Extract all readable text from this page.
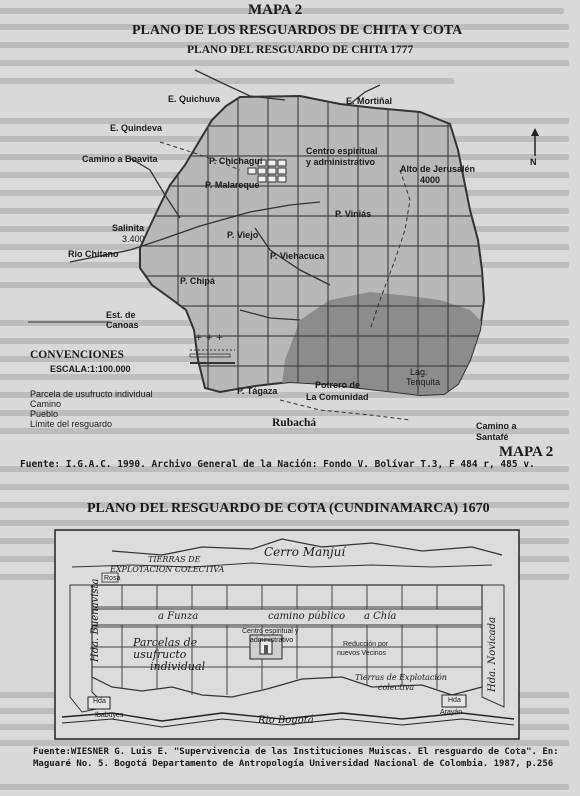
MAPA 2
PLANO DE LOS RESGUARDOS DE CHITA Y COTA
PLANO DEL RESGUARDO DE CHITA 1777
+ + +
E. Quichuva	E. Mortiñal
E. Quindeva
Camino a Boavita	P. Chichaguí
Centro espiritual
y administrativo
Alto de Jerusalén
4000
P. Malareque
P. Viniás
Salinita
3.400
Rio Chitano
P. Viejo
P. Viehacuca
P. Chipá
Est. de
Canoas
P. Tágaza
Potrero de
La Comunidad
Lag.
Tenquita
Rubachá	Camino a
Santafé
N
CONVENCIONES
ESCALA:1:100.000
Parcela de usufructo individual
Camino
Pueblo
Límite del resguardo
Fuente: I.G.A.C. 1990. Archivo General de la Nación: Fondo V. Bolívar T.3, F 484 r, 485 v.
MAPA 2
PLANO DEL RESGUARDO DE COTA (CUNDINAMARCA) 1670
TIERRAS DE
EXPLOTACION COLECTIVA
Cerro Manjuí
Rosa
a Funza	camino público a Chía
Hda. Buenavista	Hda. Novicada
Parcelas de
usufructo
individual
Centro espiritual y
administrativo
Reducción por
nuevos Vecinos
Tierras de Explotación
colectiva
Hda
Ibabuyes
Hda
Arayán
Rio Bogotá
Fuente:WIESNER G. Luis E. "Supervivencia de las Instituciones Muiscas. El resguardo de Cota". En:
Maguaré No. 5. Bogotá Departamento de Antropología Universidad Nacional de Colombia. 1987, p.256
